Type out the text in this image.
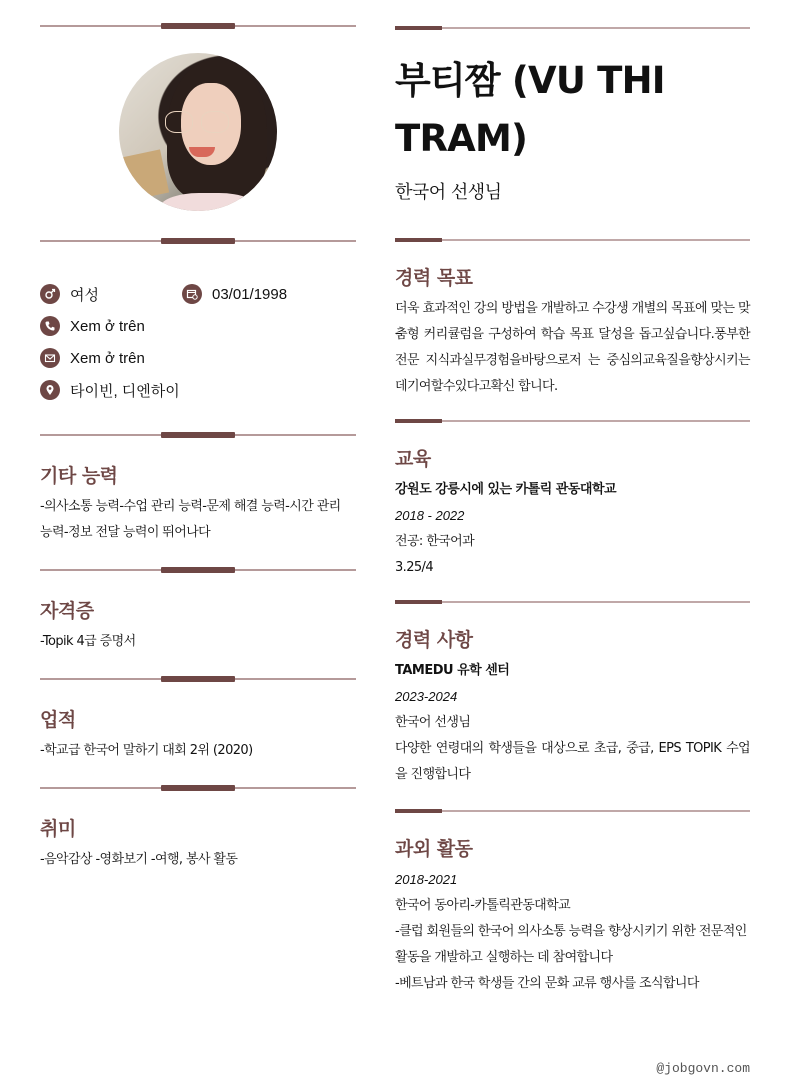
여성	03/01/1998
Xem ở trên
Xem ở trên
타이빈, 디엔하이
기타 능력
-의사소통 능력-수업 관리 능력-문제 해결 능력-시간 관리 능력-정보 전달 능력이 뛰어나다
자격증
-Topik 4급 증명서
업적
-학교급 한국어 말하기 대회 2위 (2020)
취미
-음악감상 -영화보기 -여행, 봉사 활동
부티짬 (VU THI
TRAM)
한국어 선생님
경력 목표
더욱 효과적인 강의 방법을 개발하고 수강생 개별의 목표에 맞는 맞춤형 커리큘럼을 구성하여 학습 목표 달성을 돕고싶습니다.풍부한전문 지식과실무경험을바탕으로저 는 중심의교육질을향상시키는데기여할수있다고확신 합니다.
교육
강원도 강릉시에 있는 카톨릭 관동대학교
2018 - 2022
전공: 한국어과
3.25/4
경력 사항
TAMEDU 유학 센터
2023-2024
한국어 선생님
다양한 연령대의 학생들을 대상으로 초급, 중급, EPS TOPIK 수업을 진행합니다
과외 활동
2018-2021
한국어 동아리-카톨릭관동대학교
-클럽 회원들의 한국어 의사소통 능력을 향상시키기 위한 전문적인 활동을 개발하고 실행하는 데 참여합니다
-베트남과 한국 학생들 간의 문화 교류 행사를 조식합니다
@jobgovn.com
